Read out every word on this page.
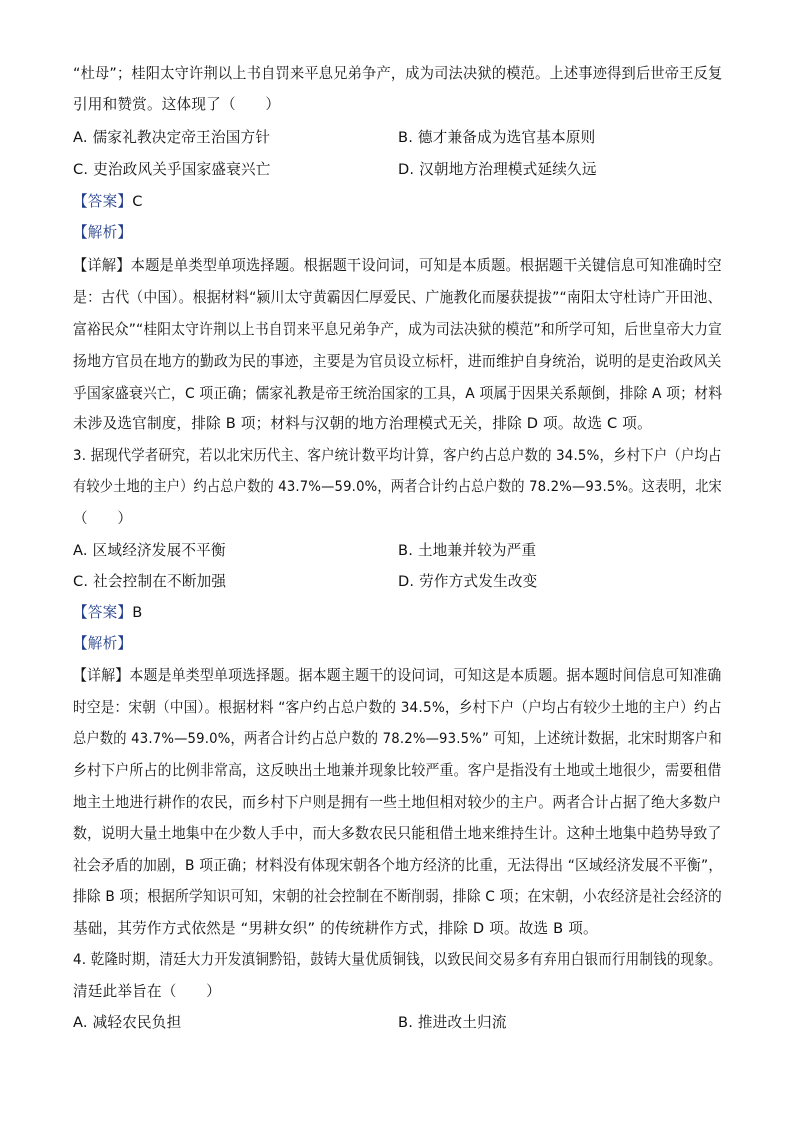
“杜母”；桂阳太守许荆以上书自罚来平息兄弟争产，成为司法决狱的模范。上述事迹得到后世帝王反复
引用和赞赏。这体现了（　　）
A. 儒家礼教决定帝王治国方针	B. 德才兼备成为选官基本原则
C. 吏治政风关乎国家盛衰兴亡	D. 汉朝地方治理模式延续久远
【答案】C
【解析】
【详解】本题是单类型单项选择题。根据题干设问词，可知是本质题。根据题干关键信息可知准确时空
是：古代（中国）。根据材料“颍川太守黄霸因仁厚爱民、广施教化而屡获提拔”“南阳太守杜诗广开田池、
富裕民众”“桂阳太守许荆以上书自罚来平息兄弟争产，成为司法决狱的模范”和所学可知，后世皇帝大力宣
扬地方官员在地方的勤政为民的事迹，主要是为官员设立标杆，进而维护自身统治，说明的是吏治政风关
乎国家盛衰兴亡，C 项正确；儒家礼教是帝王统治国家的工具，A 项属于因果关系颠倒，排除 A 项；材料
未涉及选官制度，排除 B 项；材料与汉朝的地方治理模式无关，排除 D 项。故选 C 项。
3. 据现代学者研究，若以北宋历代主、客户统计数平均计算，客户约占总户数的 34.5%，乡村下户（户均占
有较少土地的主户）约占总户数的 43.7%—59.0%，两者合计约占总户数的 78.2%—93.5%。这表明，北宋
（　　）
A. 区域经济发展不平衡	B. 土地兼并较为严重
C. 社会控制在不断加强	D. 劳作方式发生改变
【答案】B
【解析】
【详解】本题是单类型单项选择题。据本题主题干的设问词，可知这是本质题。据本题时间信息可知准确
时空是：宋朝（中国）。根据材料 “客户约占总户数的 34.5%，乡村下户（户均占有较少土地的主户）约占
总户数的 43.7%—59.0%，两者合计约占总户数的 78.2%—93.5%” 可知，上述统计数据，北宋时期客户和
乡村下户所占的比例非常高，这反映出土地兼并现象比较严重。客户是指没有土地或土地很少，需要租借
地主土地进行耕作的农民，而乡村下户则是拥有一些土地但相对较少的主户。两者合计占据了绝大多数户
数，说明大量土地集中在少数人手中，而大多数农民只能租借土地来维持生计。这种土地集中趋势导致了
社会矛盾的加剧，B 项正确；材料没有体现宋朝各个地方经济的比重，无法得出 “区域经济发展不平衡”，
排除 B 项；根据所学知识可知，宋朝的社会控制在不断削弱，排除 C 项；在宋朝，小农经济是社会经济的
基础，其劳作方式依然是 “男耕女织” 的传统耕作方式，排除 D 项。故选 B 项。
4. 乾隆时期，清廷大力开发滇铜黔铅，鼓铸大量优质铜钱，以致民间交易多有弃用白银而行用制钱的现象。
清廷此举旨在（　　）
A. 减轻农民负担	B. 推进改土归流
